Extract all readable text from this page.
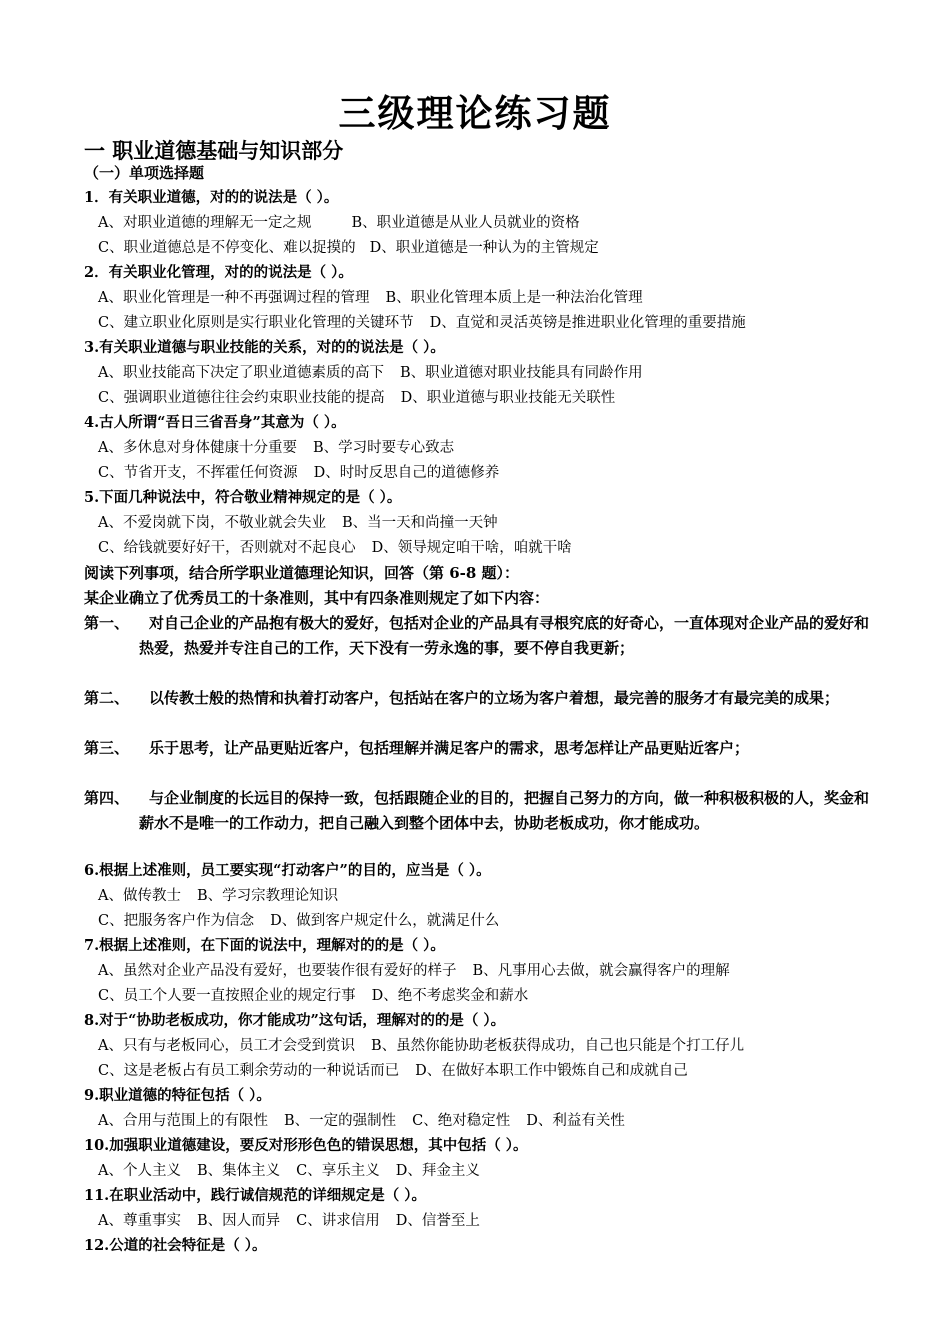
三级理论练习题
一 职业道德基础与知识部分
（一）单项选择题
1．有关职业道德，对的的说法是（ ）。
A、对职业道德的理解无一定之规	B、职业道德是从业人员就业的资格
C、职业道德总是不停变化、难以捉摸的 D、职业道德是一种认为的主管规定
2．有关职业化管理，对的的说法是（ ）。
A、职业化管理是一种不再强调过程的管理 B、职业化管理本质上是一种法治化管理
C、建立职业化原则是实行职业化管理的关键环节 D、直觉和灵活英镑是推进职业化管理的重要措施
3.有关职业道德与职业技能的关系，对的的说法是（ ）。
A、职业技能高下决定了职业道德素质的高下 B、职业道德对职业技能具有同龄作用
C、强调职业道德往往会约束职业技能的提高 D、职业道德与职业技能无关联性
4.古人所谓“吾日三省吾身”其意为（ ）。
A、多休息对身体健康十分重要 B、学习时要专心致志
C、节省开支，不挥霍任何资源 D、时时反思自己的道德修养
5.下面几种说法中，符合敬业精神规定的是（ ）。
A、不爱岗就下岗，不敬业就会失业 B、当一天和尚撞一天钟
C、给钱就要好好干，否则就对不起良心 D、领导规定咱干啥，咱就干啥
阅读下列事项，结合所学职业道德理论知识，回答（第 6-8 题）：
某企业确立了优秀员工的十条准则，其中有四条准则规定了如下内容：
第一、	对自己企业的产品抱有极大的爱好，包括对企业的产品具有寻根究底的好奇心，一直体现对企业产品的爱好和热爱，热爱并专注自己的工作，天下没有一劳永逸的事，要不停自我更新；
第二、	以传教士般的热情和执着打动客户，包括站在客户的立场为客户着想，最完善的服务才有最完美的成果；
第三、	乐于思考，让产品更贴近客户，包括理解并满足客户的需求，思考怎样让产品更贴近客户；
第四、	与企业制度的长远目的保持一致，包括跟随企业的目的，把握自己努力的方向，做一种积极积极的人，奖金和薪水不是唯一的工作动力，把自己融入到整个团体中去，协助老板成功，你才能成功。
6.根据上述准则，员工要实现“打动客户”的目的，应当是（ ）。
A、做传教士 B、学习宗教理论知识
C、把服务客户作为信念 D、做到客户规定什么，就满足什么
7.根据上述准则，在下面的说法中，理解对的的是（ ）。
A、虽然对企业产品没有爱好，也要装作很有爱好的样子 B、凡事用心去做，就会赢得客户的理解
C、员工个人要一直按照企业的规定行事 D、绝不考虑奖金和薪水
8.对于“协助老板成功，你才能成功”这句话，理解对的的是（ ）。
A、只有与老板同心，员工才会受到赏识 B、虽然你能协助老板获得成功，自己也只能是个打工仔儿
C、这是老板占有员工剩余劳动的一种说话而已 D、在做好本职工作中锻炼自己和成就自己
9.职业道德的特征包括（ ）。
A、合用与范围上的有限性 B、一定的强制性 C、绝对稳定性 D、利益有关性
10.加强职业道德建设，要反对形形色色的错误思想，其中包括（ ）。
A、个人主义 B、集体主义 C、享乐主义 D、拜金主义
11.在职业活动中，践行诚信规范的详细规定是（ ）。
A、尊重事实 B、因人而异 C、讲求信用 D、信誉至上
12.公道的社会特征是（ ）。
